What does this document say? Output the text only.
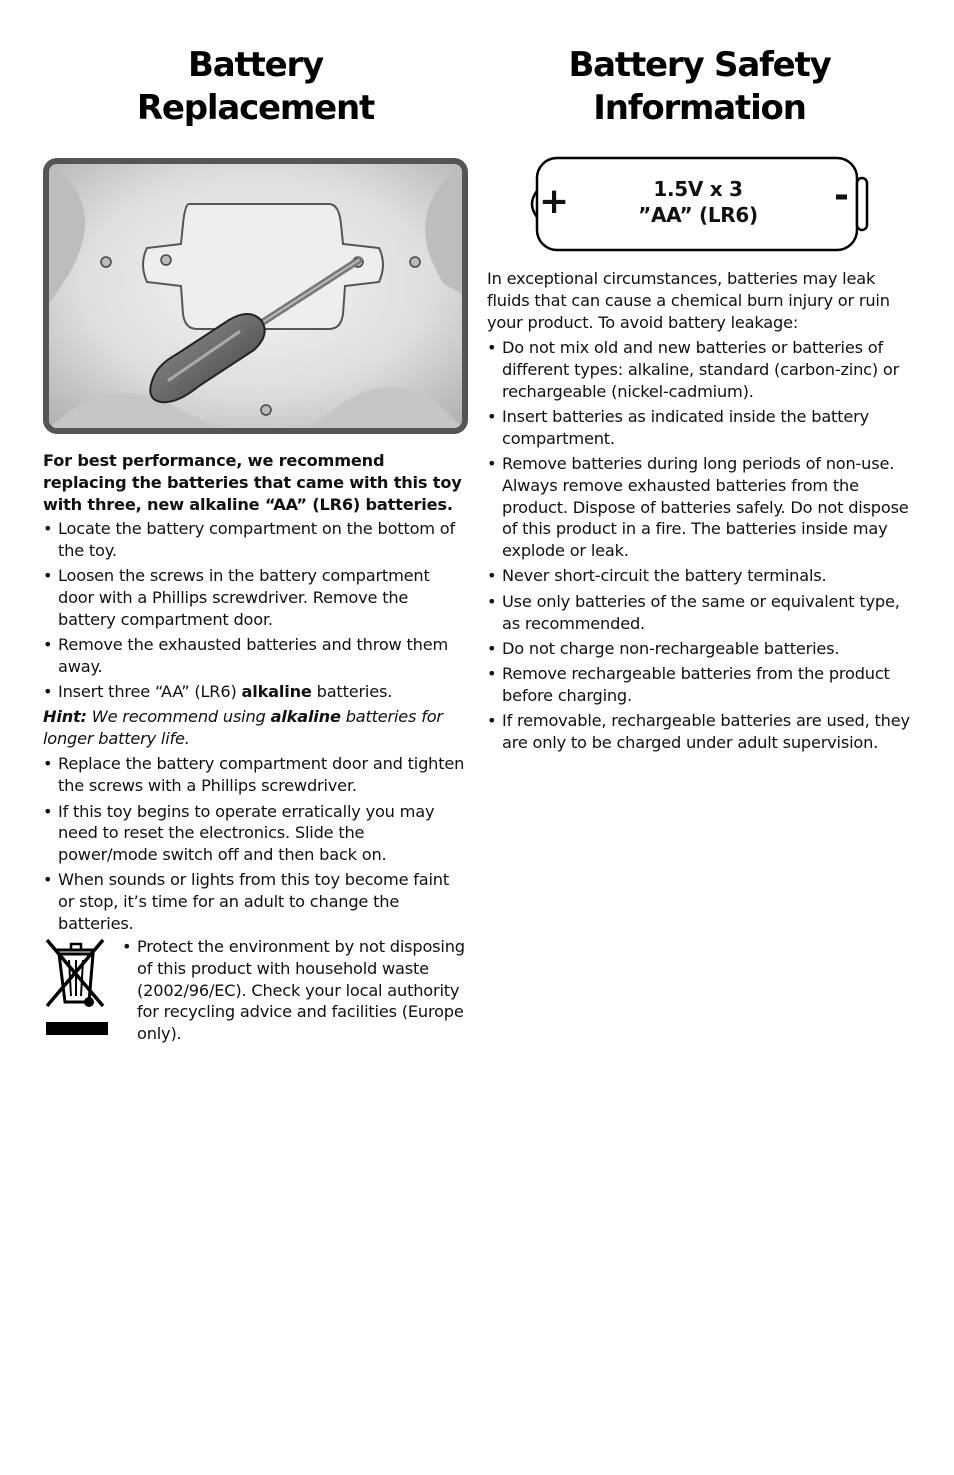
Battery
Replacement
For best performance, we recommend replacing the batteries that came with this toy with three, new alkaline “AA” (LR6) batteries.
• Locate the battery compartment on the bottom of the toy.
• Loosen the screws in the battery compartment door with a Phillips screwdriver. Remove the battery compartment door.
• Remove the exhausted batteries and throw them away.
• Insert three “AA” (LR6) alkaline batteries.

Hint: We recommend using alkaline batteries for longer battery life.

• Replace the battery compartment door and tighten the screws with a Phillips screwdriver.
• If this toy begins to operate erratically you may need to reset the electronics. Slide the power/mode switch off and then back on.
• When sounds or lights from this toy become faint or stop, it’s time for an adult to change the batteries.
• Protect the environment by not disposing of this product with household waste (2002/96/EC). Check your local authority for recycling advice and facilities (Europe only).
Battery Safety
Information
+	1.5V x 3
”AA” (LR6)	-
In exceptional circumstances, batteries may leak fluids that can cause a chemical burn injury or ruin your product. To avoid battery leakage:
• Do not mix old and new batteries or batteries of different types: alkaline, standard (carbon-zinc) or rechargeable (nickel-cadmium).
• Insert batteries as indicated inside the battery compartment.
• Remove batteries during long periods of non-use. Always remove exhausted batteries from the product. Dispose of batteries safely. Do not dispose of this product in a fire. The batteries inside may explode or leak.
• Never short-circuit the battery terminals.
• Use only batteries of the same or equivalent type, as recommended.
• Do not charge non-rechargeable batteries.
• Remove rechargeable batteries from the product before charging.
• If removable, rechargeable batteries are used, they are only to be charged under adult supervision.
